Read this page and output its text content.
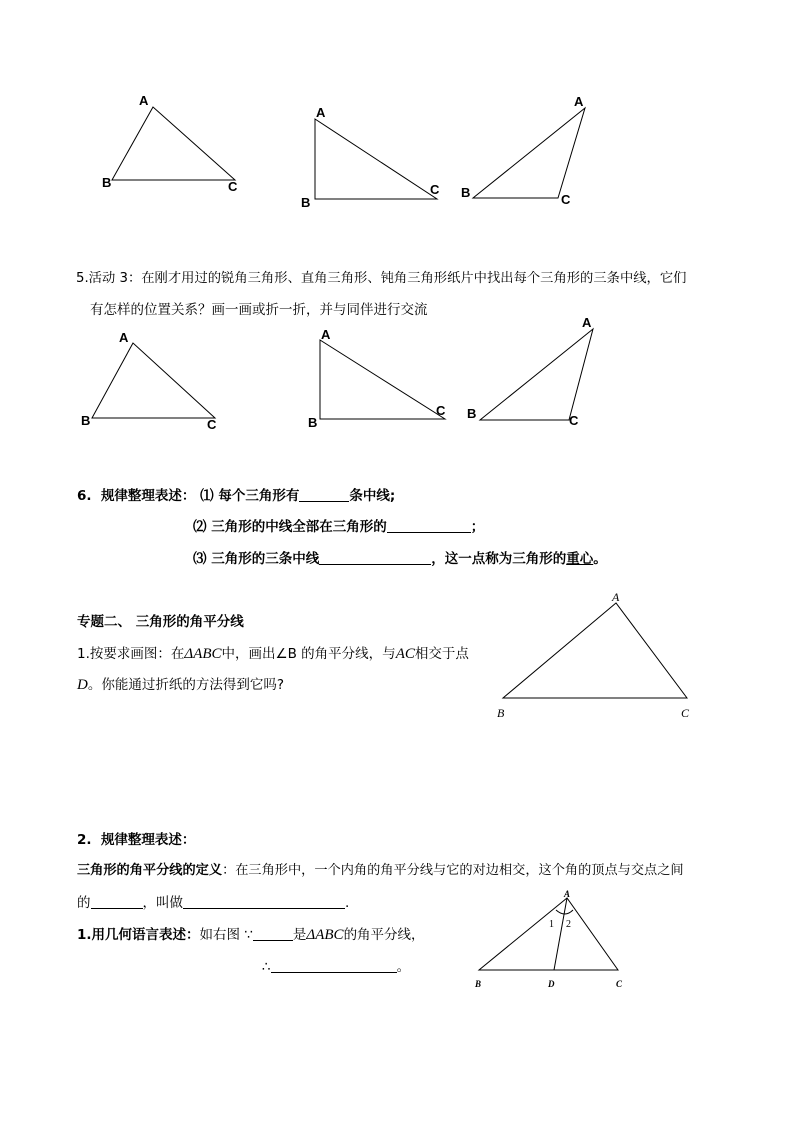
A
B	C
A
B
C
A
B	C
A
B	C
A
B
C
A
B	C
A
B	C
A
B	D	C
1 2
5.活动 3：在刚才用过的锐角三角形、直角三角形、钝角三角形纸片中找出每个三角形的三条中线，它们
有怎样的位置关系？画一画或折一折，并与同伴进行交流
6. 规律整理表述： ⑴ 每个三角形有	条中线;
⑵ 三角形的中线全部在三角形的	；
⑶ 三角形的三条中线	，这一点称为三角形的重心。
专题二、 三角形的角平分线
1.按要求画图：在ΔABC中，画出∠B 的角平分线，与AC相交于点
D。你能通过折纸的方法得到它吗?
2. 规律整理表述：
三角形的角平分线的定义：在三角形中，一个内角的角平分线与它的对边相交，这个角的顶点与交点之间
的	，叫做	.
1.用几何语言表述：如右图 ∵	是ΔABC的角平分线，
∴	。
